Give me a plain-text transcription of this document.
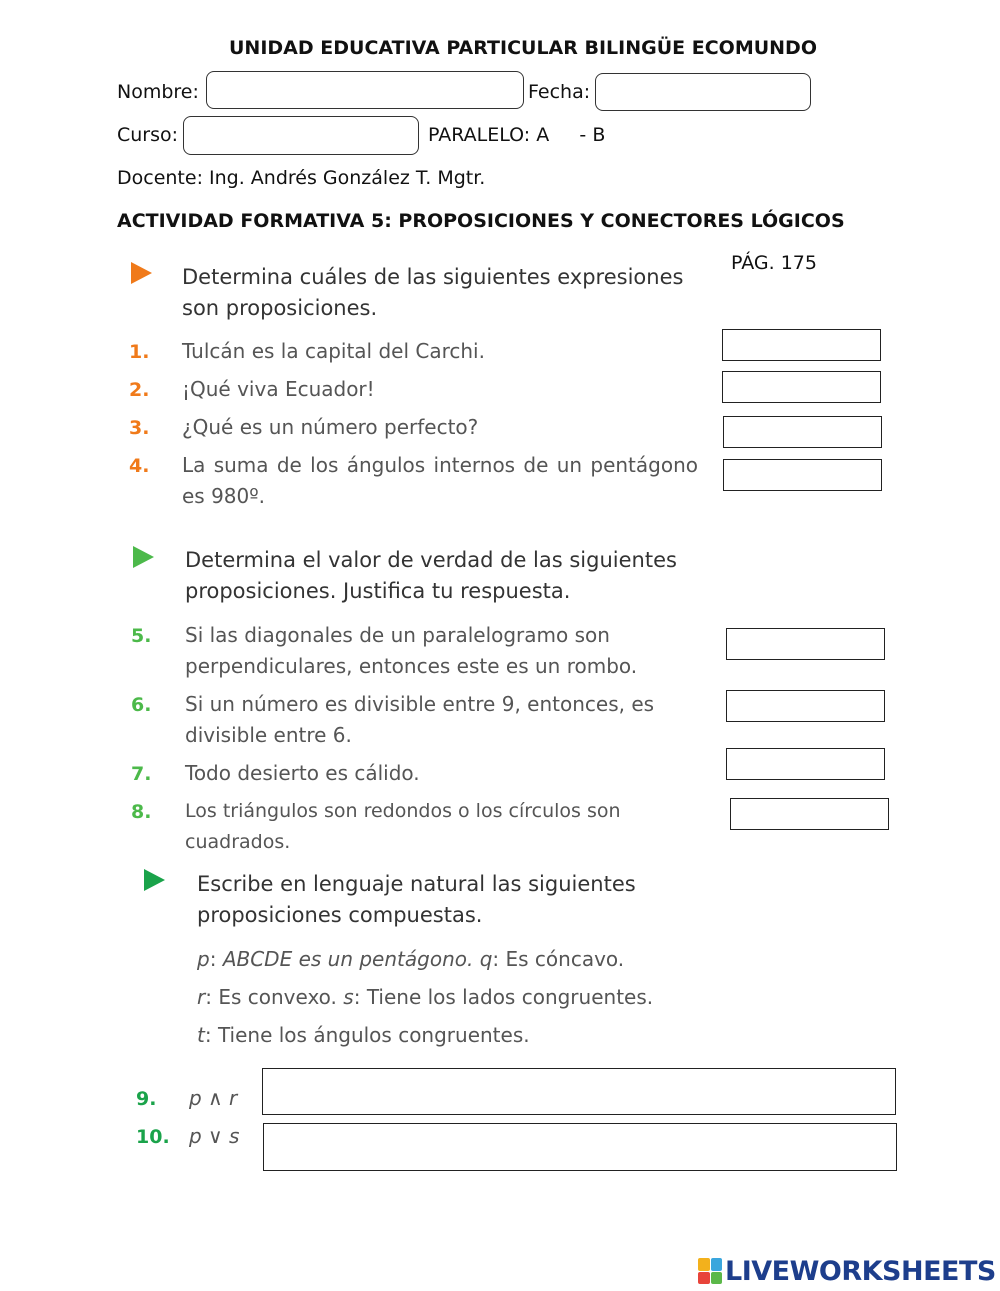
UNIDAD EDUCATIVA PARTICULAR BILINGÜE ECOMUNDO
Nombre:	Fecha:
Curso:	PARALELO: A     - B
Docente: Ing. Andrés González T. Mgtr.
ACTIVIDAD FORMATIVA 5: PROPOSICIONES Y CONECTORES LÓGICOS
PÁG. 175
Determina cuáles de las siguientes expresiones son proposiciones.
1. Tulcán es la capital del Carchi.
2. ¡Qué viva Ecuador!
3. ¿Qué es un número perfecto?
4. La suma de los ángulos internos de un pentágono es 980º.
Determina el valor de verdad de las siguientes proposiciones. Justifica tu respuesta.
5. Si las diagonales de un paralelogramo son perpendiculares, entonces este es un rombo.
6. Si un número es divisible entre 9, entonces, es divisible entre 6.
7. Todo desierto es cálido.
8. Los triángulos son redondos o los círculos son cuadrados.
Escribe en lenguaje natural las siguientes proposiciones compuestas.
p: ABCDE es un pentágono. q: Es cóncavo.
r: Es convexo. s: Tiene los lados congruentes.
t: Tiene los ángulos congruentes.
9. p ∧ r
10. p ∨ s
LIVEWORKSHEETS
